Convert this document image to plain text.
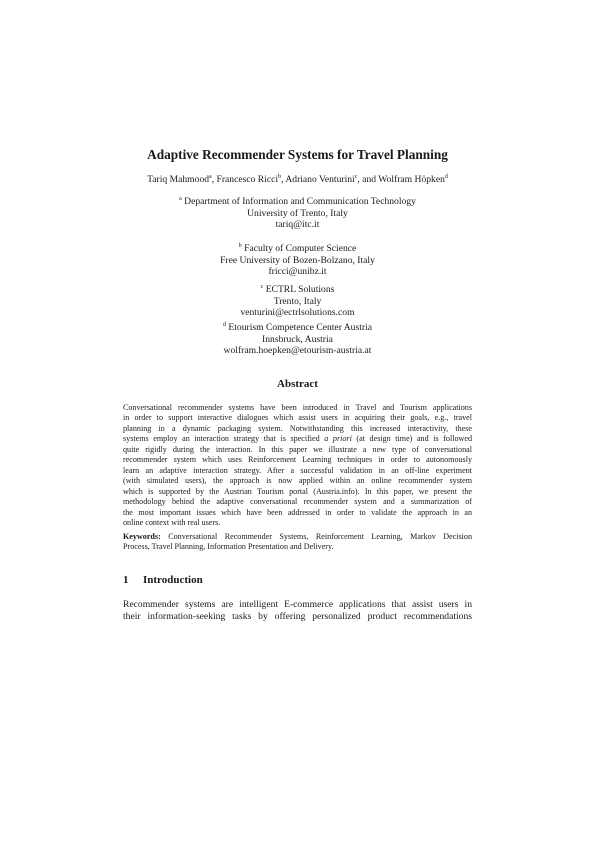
Adaptive Recommender Systems for Travel Planning
Tariq Mahmood$^a$, Francesco Ricci$^b$, Adriano Venturini$^c$, and Wolfram Höpken$^d$
$^a$ Department of Information and Communication Technology
University of Trento, Italy
tariq@itc.it
$^b$ Faculty of Computer Science
Free University of Bozen-Bolzano, Italy
fricci@unibz.it
$^c$ ECTRL Solutions
Trento, Italy
venturini@ectrlsolutions.com
$^d$ Etourism Competence Center Austria
Innsbruck, Austria
wolfram.hoepken@etourism-austria.at
Abstract
Conversational recommender systems have been introduced in Travel and Tourism applications
in order to support interactive dialogues which assist users in acquiring their goals, e.g., travel
planning in a dynamic packaging system. Notwithstanding this increased interactivity, these
systems employ an interaction strategy that is specified a priori (at design time) and is followed
quite rigidly during the interaction. In this paper we illustrate a new type of conversational
recommender system which uses Reinforcement Learning techniques in order to autonomously
learn an adaptive interaction strategy. After a successful validation in an off-line experiment
(with simulated users), the approach is now applied within an online recommender system
which is supported by the Austrian Tourism portal (Austria.info). In this paper, we present the
methodology behind the adaptive conversational recommender system and a summarization of
the most important issues which have been addressed in order to validate the approach in an
online context with real users.
Keywords: Conversational Recommender Systems, Reinforcement Learning, Markov Decision
Process, Travel Planning, Information Presentation and Delivery.
1 Introduction
Recommender systems are intelligent E-commerce applications that assist users in
their information-seeking tasks by offering personalized product recommendations
